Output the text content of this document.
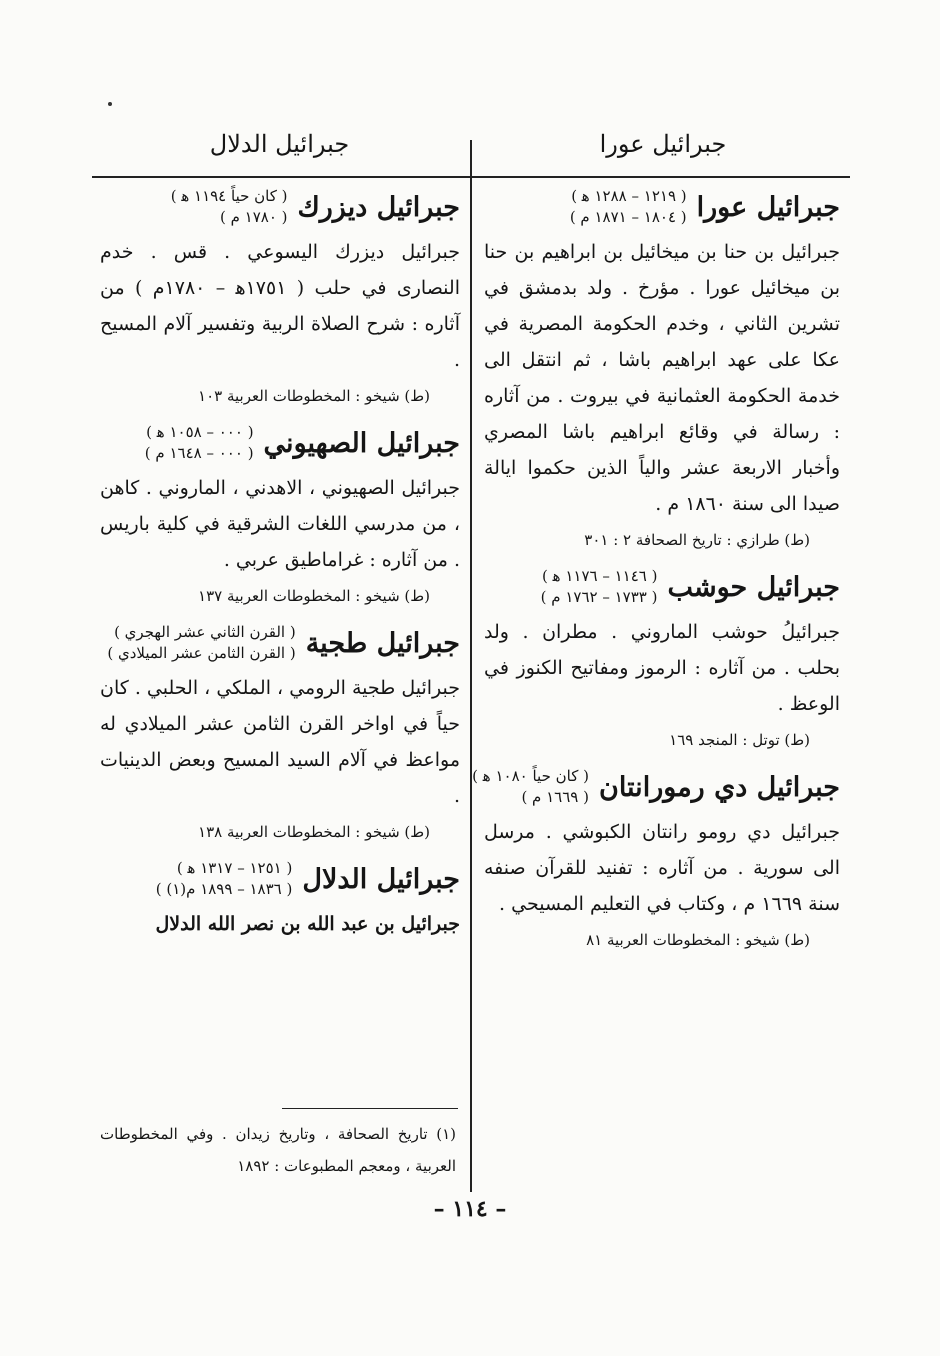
جبرائيل الدلال	جبرائيل عورا
جبرائيل ديزرك
( كان حياً ١١٩٤ ﻫ )
( ١٧٨٠ م )

جبرائيل ديزرك اليسوعي . قس . خدم النصارى في حلب ( ١٧٥١ﻫ – ١٧٨٠م ) من آثاره : شرح الصلاة الربية وتفسير آلام المسيح .

(ط) شيخو : المخطوطات العربية ١٠٣
جبرائيل الصهيوني
( ٠٠٠ – ١٠٥٨ ﻫ )
( ٠٠٠ – ١٦٤٨ م )

جبرائيل الصهيوني ، الاهدني ، الماروني . كاهن ، من مدرسي اللغات الشرقية في كلية باريس . من آثاره : غراماطيق عربي .

(ط) شيخو : المخطوطات العربية ١٣٧
جبرائيل طجية
( القرن الثاني عشر الهجري )
( القرن الثامن عشر الميلادي )

جبرائيل طجية الرومي ، الملكي ، الحلبي . كان حياً في اواخر القرن الثامن عشر الميلادي له مواعظ في آلام السيد المسيح وبعض الدينيات .

(ط) شيخو : المخطوطات العربية ١٣٨
جبرائيل الدلال
( ١٢٥١ – ١٣١٧ ﻫ )
( ١٨٣٦ – ١٨٩٩ م(١) )

جبرائيل بن عبد الله بن نصر الله الدلال

جبرائيل عورا
( ١٢١٩ – ١٢٨٨ ﻫ )
( ١٨٠٤ – ١٨٧١ م )

جبرائيل بن حنا بن ميخائيل بن ابراهيم بن حنا بن ميخائيل عورا . مؤرخ . ولد بدمشق في تشرين الثاني ، وخدم الحكومة المصرية في عكا على عهد ابراهيم باشا ، ثم انتقل الى خدمة الحكومة العثمانية في بيروت . من آثاره : رسالة في وقائع ابراهيم باشا المصري وأخبار الاربعة عشر والياً الذين حكموا ايالة صيدا الى سنة ١٨٦٠ م .

(ط) طرازي : تاريخ الصحافة ٢ : ٣٠١
جبرائيل حوشب
( ١١٤٦ – ١١٧٦ ﻫ )
( ١٧٣٣ – ١٧٦٢ م )

جبرائيلُ حوشب الماروني . مطران . ولد بحلب . من آثاره : الرموز ومفاتيح الكنوز في الوعظ .

(ط) توتل : المنجد ١٦٩
جبرائيل دي رمورانتان
( كان حياً ١٠٨٠ ﻫ )
( ١٦٦٩ م )

جبرائيل دي رومو رانتان الكبوشي . مرسل الى سورية . من آثاره : تفنيد للقرآن صنفه سنة ١٦٦٩ م ، وكتاب في التعليم المسيحي .

(ط) شيخو : المخطوطات العربية ٨١
(١) تاريخ الصحافة ، وتاريخ زيدان . وفي المخطوطات العربية ، ومعجم المطبوعات : ١٨٩٢
– ١١٤ –
